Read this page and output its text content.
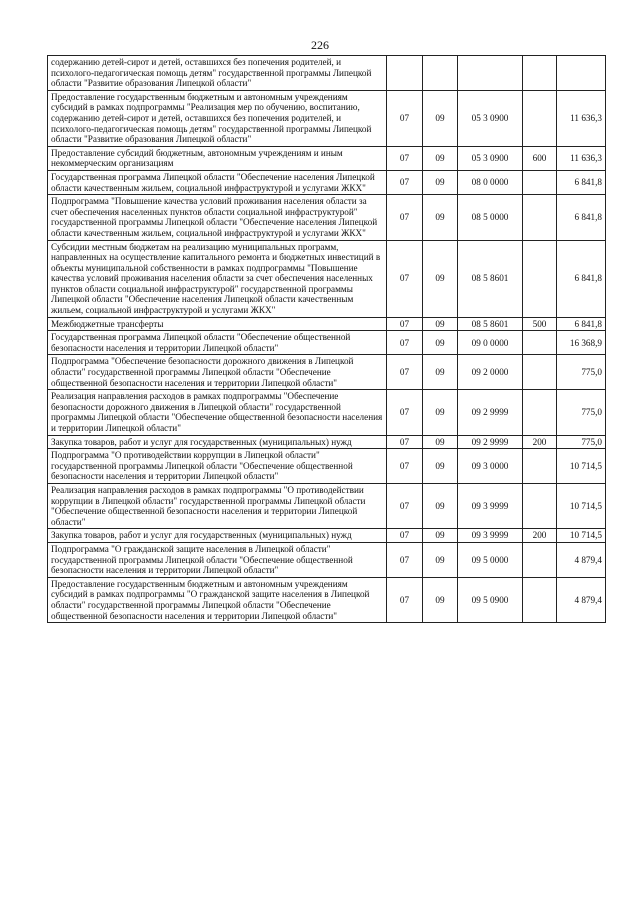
226
содержанию детей-сирот и детей, оставшихся без попечения родителей, и психолого-педагогическая помощь детям" государственной программы Липецкой области "Развитие образования Липецкой области"					
Предоставление государственным бюджетным и автономным учреждениям субсидий в рамках подпрограммы "Реализация мер по обучению, воспитанию, содержанию детей-сирот и детей, оставшихся без попечения родителей, и психолого-педагогическая помощь детям" государственной программы Липецкой области "Развитие образования Липецкой области"	07	09	05 3 0900		11 636,3
Предоставление субсидий бюджетным, автономным учреждениям и иным некоммерческим организациям	07	09	05 3 0900	600	11 636,3
Государственная программа Липецкой области "Обеспечение населения Липецкой области качественным жильем, социальной инфраструктурой и услугами ЖКХ"	07	09	08 0 0000		6 841,8
Подпрограмма "Повышение качества условий проживания населения области за счет обеспечения населенных пунктов области социальной инфраструктурой" государственной программы Липецкой области "Обеспечение населения Липецкой области качественным жильем, социальной инфраструктурой и услугами ЖКХ"	07	09	08 5 0000		6 841,8
Субсидии местным бюджетам на реализацию муниципальных программ, направленных на осуществление капитального ремонта и бюджетных инвестиций в объекты муниципальной собственности в рамках подпрограммы "Повышение качества условий проживания населения области за счет обеспечения населенных пунктов области социальной инфраструктурой" государственной программы Липецкой области "Обеспечение населения Липецкой области качественным жильем, социальной инфраструктурой и услугами ЖКХ"	07	09	08 5 8601		6 841,8
Межбюджетные трансферты	07	09	08 5 8601	500	6 841,8
Государственная программа Липецкой области "Обеспечение общественной безопасности населения и территории Липецкой области"	07	09	09 0 0000		16 368,9
Подпрограмма "Обеспечение безопасности дорожного движения в Липецкой области" государственной программы Липецкой области "Обеспечение общественной безопасности населения и территории Липецкой области"	07	09	09 2 0000		775,0
Реализация направления расходов в рамках подпрограммы "Обеспечение безопасности дорожного движения в Липецкой области" государственной программы Липецкой области "Обеспечение общественной безопасности населения и территории Липецкой области"	07	09	09 2 9999		775,0
Закупка товаров, работ и услуг для государственных (муниципальных) нужд	07	09	09 2 9999	200	775,0
Подпрограмма "О противодействии коррупции в Липецкой области" государственной программы Липецкой области "Обеспечение общественной безопасности населения и территории Липецкой области"	07	09	09 3 0000		10 714,5
Реализация направления расходов в рамках подпрограммы "О противодействии коррупции в Липецкой области" государственной программы Липецкой области "Обеспечение общественной безопасности населения и территории Липецкой области"	07	09	09 3 9999		10 714,5
Закупка товаров, работ и услуг для государственных (муниципальных) нужд	07	09	09 3 9999	200	10 714,5
Подпрограмма "О гражданской защите населения в Липецкой области" государственной программы Липецкой области "Обеспечение общественной безопасности населения и территории Липецкой области"	07	09	09 5 0000		4 879,4
Предоставление государственным бюджетным и автономным учреждениям субсидий в рамках подпрограммы "О гражданской защите населения в Липецкой области" государственной программы Липецкой области "Обеспечение общественной безопасности населения и территории Липецкой области"	07	09	09 5 0900		4 879,4
